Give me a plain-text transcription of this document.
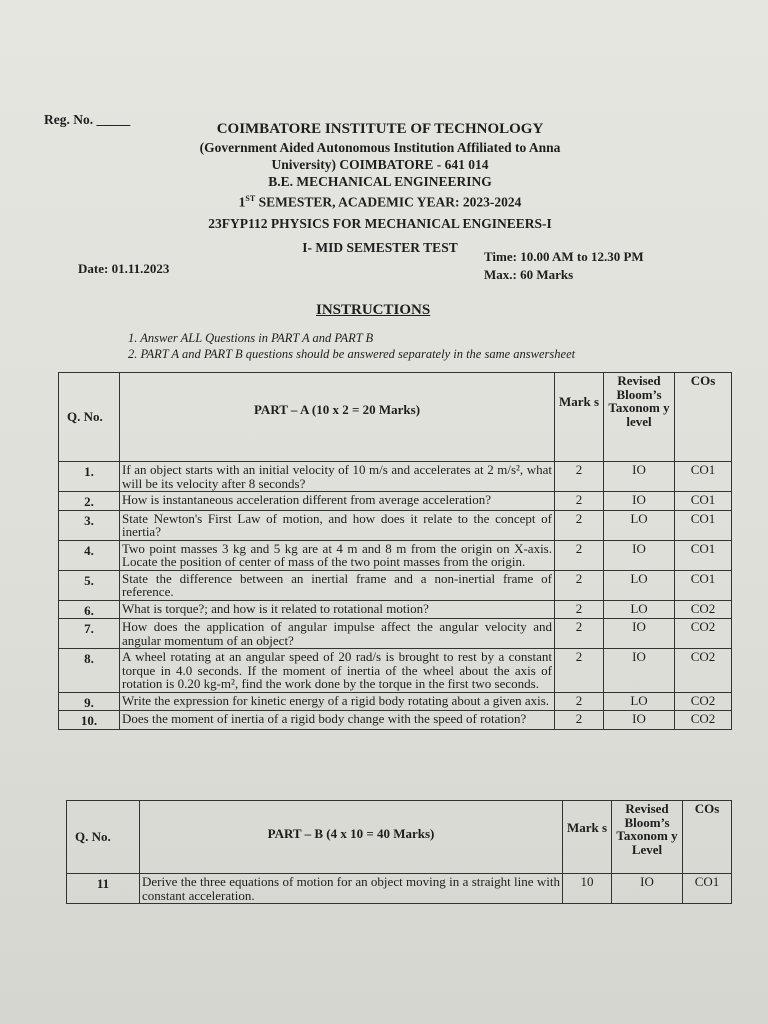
Reg. No. _____
COIMBATORE INSTITUTE OF TECHNOLOGY
(Government Aided Autonomous Institution Affiliated to Anna
University) COIMBATORE - 641 014
B.E. MECHANICAL ENGINEERING
1ST SEMESTER, ACADEMIC YEAR: 2023-2024
23FYP112 PHYSICS FOR MECHANICAL ENGINEERS-I
I- MID SEMESTER TEST
Date: 01.11.2023
Time: 10.00 AM to 12.30 PM
Max.: 60 Marks
INSTRUCTIONS
1. Answer ALL Questions in PART A and PART B
2. PART A and PART B questions should be answered separately in the same answersheet
Q. No.	PART – A (10 x 2 = 20 Marks)	Mark s	Revised Bloom’s Taxonom y level	COs
1.	If an object starts with an initial velocity of 10 m/s and accelerates at 2 m/s², what will be its velocity after 8 seconds?	2	IO	CO1
2.	How is instantaneous acceleration different from average acceleration?	2	IO	CO1
3.	State Newton's First Law of motion, and how does it relate to the concept of inertia?	2	LO	CO1
4.	Two point masses 3 kg and 5 kg are at 4 m and 8 m from the origin on X-axis. Locate the position of center of mass of the two point masses from the origin.	2	IO	CO1
5.	State the difference between an inertial frame and a non-inertial frame of reference.	2	LO	CO1
6.	What is torque?; and how is it related to rotational motion?	2	LO	CO2
7.	How does the application of angular impulse affect the angular velocity and angular momentum of an object?	2	IO	CO2
8.	A wheel rotating at an angular speed of 20 rad/s is brought to rest by a constant torque in 4.0 seconds. If the moment of inertia of the wheel about the axis of rotation is 0.20 kg-m², find the work done by the torque in the first two seconds.	2	IO	CO2
9.	Write the expression for kinetic energy of a rigid body rotating about a given axis.	2	LO	CO2
10.	Does the moment of inertia of a rigid body change with the speed of rotation?	2	IO	CO2
Q. No.	PART – B (4 x 10 = 40 Marks)	Mark s	Revised Bloom’s Taxonom y Level	COs
11	Derive the three equations of motion for an object moving in a straight line with constant acceleration.	10	IO	CO1
